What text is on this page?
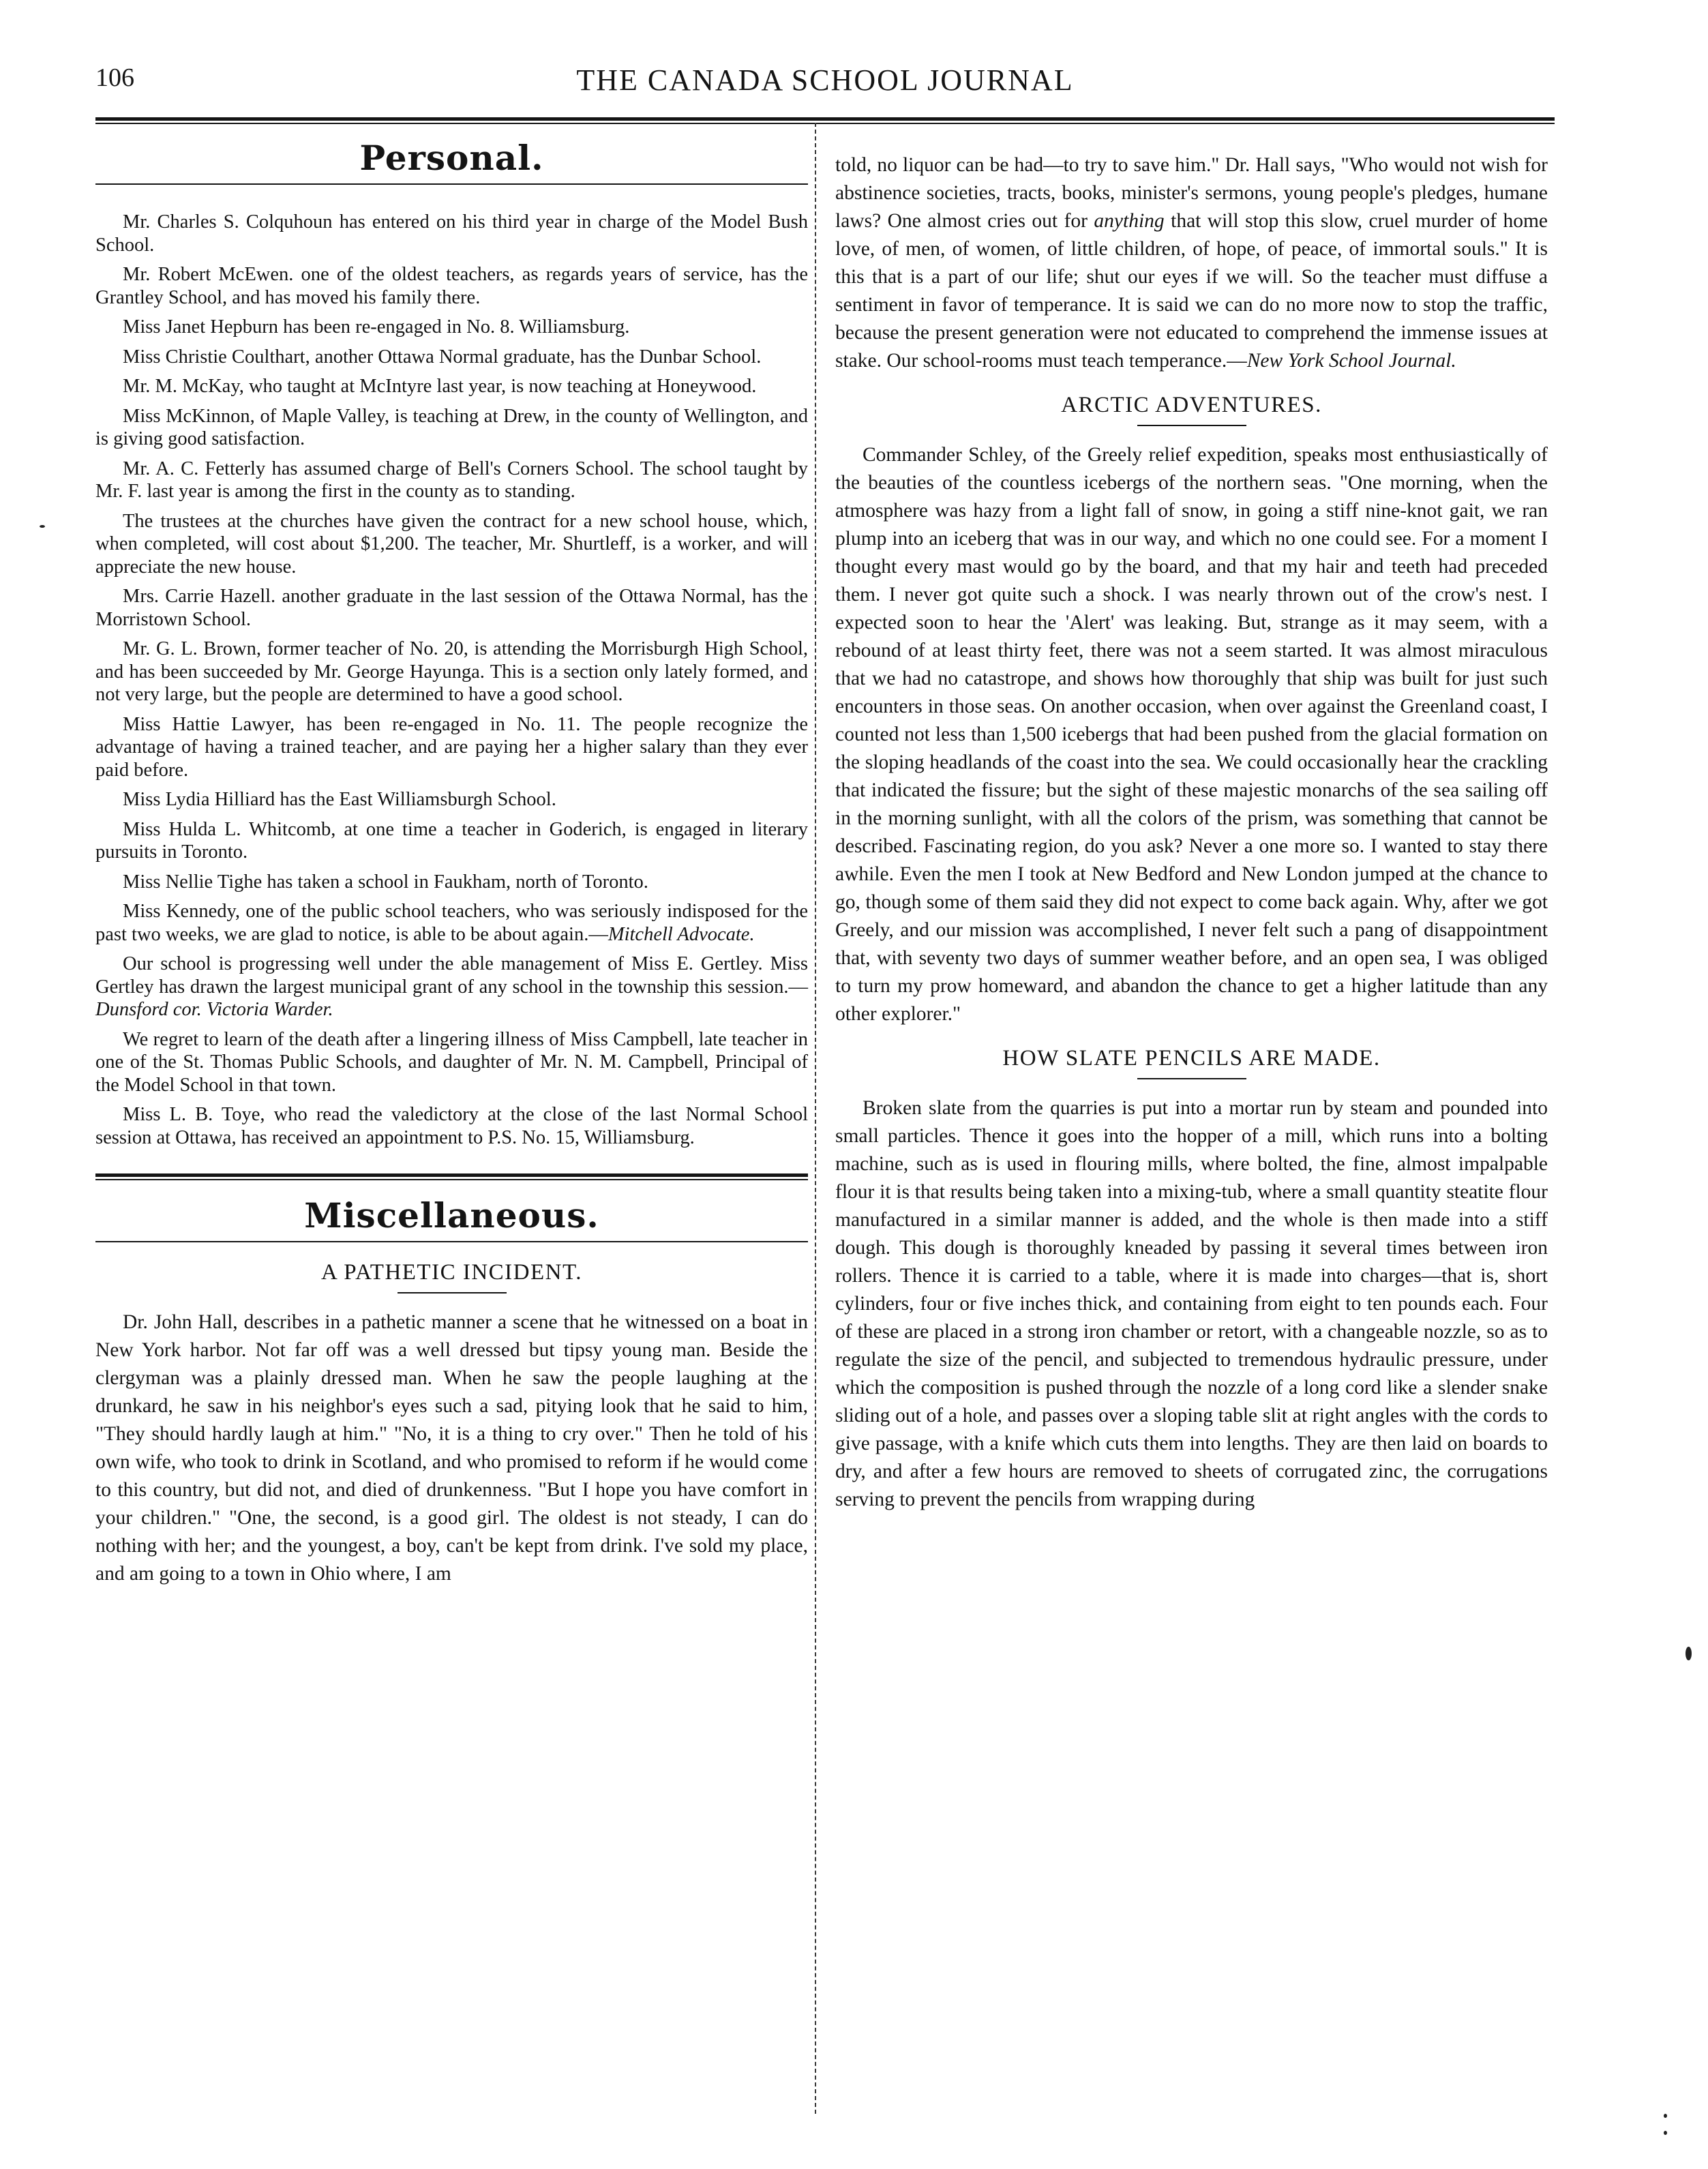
106	THE CANADA SCHOOL JOURNAL
Personal.

Mr. Charles S. Colquhoun has entered on his third year in charge of the Model Bush School.

Mr. Robert McEwen. one of the oldest teachers, as regards years of service, has the Grantley School, and has moved his family there.

Miss Janet Hepburn has been re-engaged in No. 8. Williamsburg.

Miss Christie Coulthart, another Ottawa Normal graduate, has the Dunbar School.

Mr. M. McKay, who taught at McIntyre last year, is now teaching at Honeywood.

Miss McKinnon, of Maple Valley, is teaching at Drew, in the county of Wellington, and is giving good satisfaction.

Mr. A. C. Fetterly has assumed charge of Bell's Corners School. The school taught by Mr. F. last year is among the first in the county as to standing.

The trustees at the churches have given the contract for a new school house, which, when completed, will cost about $1,200. The teacher, Mr. Shurtleff, is a worker, and will appreciate the new house.

Mrs. Carrie Hazell. another graduate in the last session of the Ottawa Normal, has the Morristown School.

Mr. G. L. Brown, former teacher of No. 20, is attending the Morrisburgh High School, and has been succeeded by Mr. George Hayunga. This is a section only lately formed, and not very large, but the people are determined to have a good school.

Miss Hattie Lawyer, has been re-engaged in No. 11. The people recognize the advantage of having a trained teacher, and are paying her a higher salary than they ever paid before.

Miss Lydia Hilliard has the East Williamsburgh School.

Miss Hulda L. Whitcomb, at one time a teacher in Goderich, is engaged in literary pursuits in Toronto.

Miss Nellie Tighe has taken a school in Faukham, north of Toronto.

Miss Kennedy, one of the public school teachers, who was seriously indisposed for the past two weeks, we are glad to notice, is able to be about again.—Mitchell Advocate.

Our school is progressing well under the able management of Miss E. Gertley. Miss Gertley has drawn the largest municipal grant of any school in the township this session.—Dunsford cor. Victoria Warder.

We regret to learn of the death after a lingering illness of Miss Campbell, late teacher in one of the St. Thomas Public Schools, and daughter of Mr. N. M. Campbell, Principal of the Model School in that town.

Miss L. B. Toye, who read the valedictory at the close of the last Normal School session at Ottawa, has received an appointment to P.S. No. 15, Williamsburg.

Miscellaneous.
A PATHETIC INCIDENT.

Dr. John Hall, describes in a pathetic manner a scene that he witnessed on a boat in New York harbor. Not far off was a well dressed but tipsy young man. Beside the clergyman was a plainly dressed man. When he saw the people laughing at the drunkard, he saw in his neighbor's eyes such a sad, pitying look that he said to him, "They should hardly laugh at him." "No, it is a thing to cry over." Then he told of his own wife, who took to drink in Scotland, and who promised to reform if he would come to this country, but did not, and died of drunkenness. "But I hope you have comfort in your children." "One, the second, is a good girl. The oldest is not steady, I can do nothing with her; and the youngest, a boy, can't be kept from drink. I've sold my place, and am going to a town in Ohio where, I am

told, no liquor can be had—to try to save him." Dr. Hall says, "Who would not wish for abstinence societies, tracts, books, minister's sermons, young people's pledges, humane laws? One almost cries out for anything that will stop this slow, cruel murder of home love, of men, of women, of little children, of hope, of peace, of immortal souls." It is this that is a part of our life; shut our eyes if we will. So the teacher must diffuse a sentiment in favor of temperance. It is said we can do no more now to stop the traffic, because the present generation were not educated to comprehend the immense issues at stake. Our school-rooms must teach temperance.—New York School Journal.

ARCTIC ADVENTURES.

Commander Schley, of the Greely relief expedition, speaks most enthusiastically of the beauties of the countless icebergs of the northern seas. "One morning, when the atmosphere was hazy from a light fall of snow, in going a stiff nine-knot gait, we ran plump into an iceberg that was in our way, and which no one could see. For a moment I thought every mast would go by the board, and that my hair and teeth had preceded them. I never got quite such a shock. I was nearly thrown out of the crow's nest. I expected soon to hear the 'Alert' was leaking. But, strange as it may seem, with a rebound of at least thirty feet, there was not a seem started. It was almost miraculous that we had no catastrope, and shows how thoroughly that ship was built for just such encounters in those seas. On another occasion, when over against the Greenland coast, I counted not less than 1,500 icebergs that had been pushed from the glacial formation on the sloping headlands of the coast into the sea. We could occasionally hear the crackling that indicated the fissure; but the sight of these majestic monarchs of the sea sailing off in the morning sunlight, with all the colors of the prism, was something that cannot be described. Fascinating region, do you ask? Never a one more so. I wanted to stay there awhile. Even the men I took at New Bedford and New London jumped at the chance to go, though some of them said they did not expect to come back again. Why, after we got Greely, and our mission was accomplished, I never felt such a pang of disappointment that, with seventy two days of summer weather before, and an open sea, I was obliged to turn my prow homeward, and abandon the chance to get a higher latitude than any other explorer."

HOW SLATE PENCILS ARE MADE.

Broken slate from the quarries is put into a mortar run by steam and pounded into small particles. Thence it goes into the hopper of a mill, which runs into a bolting machine, such as is used in flouring mills, where bolted, the fine, almost impalpable flour it is that results being taken into a mixing-tub, where a small quantity steatite flour manufactured in a similar manner is added, and the whole is then made into a stiff dough. This dough is thoroughly kneaded by passing it several times between iron rollers. Thence it is carried to a table, where it is made into charges—that is, short cylinders, four or five inches thick, and containing from eight to ten pounds each. Four of these are placed in a strong iron chamber or retort, with a changeable nozzle, so as to regulate the size of the pencil, and subjected to tremendous hydraulic pressure, under which the composition is pushed through the nozzle of a long cord like a slender snake sliding out of a hole, and passes over a sloping table slit at right angles with the cords to give passage, with a knife which cuts them into lengths. They are then laid on boards to dry, and after a few hours are removed to sheets of corrugated zinc, the corrugations serving to prevent the pencils from wrapping during
